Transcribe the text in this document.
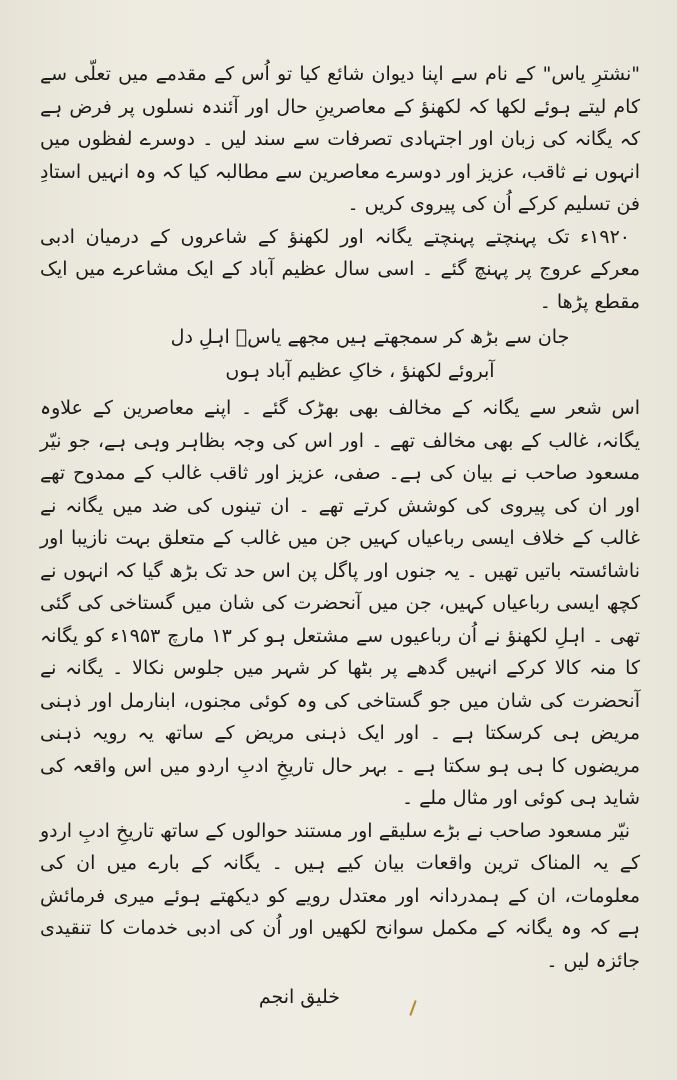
"نشترِ یاس" کے نام سے اپنا دیوان شائع کیا تو اُس کے مقدمے میں تعلّی سے کام لیتے ہوئے لکھا کہ لکھنؤ کے معاصرینِ حال اور آئندہ نسلوں پر فرض ہے کہ یگانہ کی زبان اور اجتہادی تصرفات سے سند لیں ۔ دوسرے لفظوں میں انہوں نے ثاقب، عزیز اور دوسرے معاصرین سے مطالبہ کیا کہ وہ انہیں استادِ فن تسلیم کرکے اُن کی پیروی کریں ۔

۱۹۲۰ء تک پہنچتے پہنچتے یگانہ اور لکھنؤ کے شاعروں کے درمیان ادبی معرکے عروج پر پہنچ گئے ۔ اسی سال عظیم آباد کے ایک مشاعرے میں ایک مقطع پڑھا ۔

جان سے بڑھ کر سمجھتے ہیں مجھے یاسؔ اہلِ دل

آبروئے لکھنؤ ، خاکِ عظیم آباد ہوں

اس شعر سے یگانہ کے مخالف بھی بھڑک گئے ۔ اپنے معاصرین کے علاوہ یگانہ، غالب کے بھی مخالف تھے ۔ اور اس کی وجہ بظاہر وہی ہے، جو نیّر مسعود صاحب نے بیان کی ہے۔ صفی، عزیز اور ثاقب غالب کے ممدوح تھے اور ان کی پیروی کی کوشش کرتے تھے ۔ ان تینوں کی ضد میں یگانہ نے غالب کے خلاف ایسی رباعیاں کہیں جن میں غالب کے متعلق بہت نازیبا اور ناشائستہ باتیں تھیں ۔ یہ جنوں اور پاگل پن اس حد تک بڑھ گیا کہ انہوں نے کچھ ایسی رباعیاں کہیں، جن میں آنحضرت کی شان میں گستاخی کی گئی تھی ۔ اہلِ لکھنؤ نے اُن رباعیوں سے مشتعل ہو کر ۱۳ مارچ ۱۹۵۳ء کو یگانہ کا منہ کالا کرکے انہیں گدھے پر بٹھا کر شہر میں جلوس نکالا ۔ یگانہ نے آنحضرت کی شان میں جو گستاخی کی وہ کوئی مجنوں، ابنارمل اور ذہنی مریض ہی کرسکتا ہے ۔ اور ایک ذہنی مریض کے ساتھ یہ رویہ ذہنی مریضوں کا ہی ہو سکتا ہے ۔ بہر حال تاریخِ ادبِ اردو میں اس واقعہ کی شاید ہی کوئی اور مثال ملے ۔

نیّر مسعود صاحب نے بڑے سلیقے اور مستند حوالوں کے ساتھ تاریخِ ادبِ اردو کے یہ المناک ترین واقعات بیان کیے ہیں ۔ یگانہ کے بارے میں ان کی معلومات، ان کے ہمدردانہ اور معتدل رویے کو دیکھتے ہوئے میری فرمائش ہے کہ وہ یگانہ کے مکمل سوانح لکھیں اور اُن کی ادبی خدمات کا تنقیدی جائزہ لیں ۔

خلیق انجم
